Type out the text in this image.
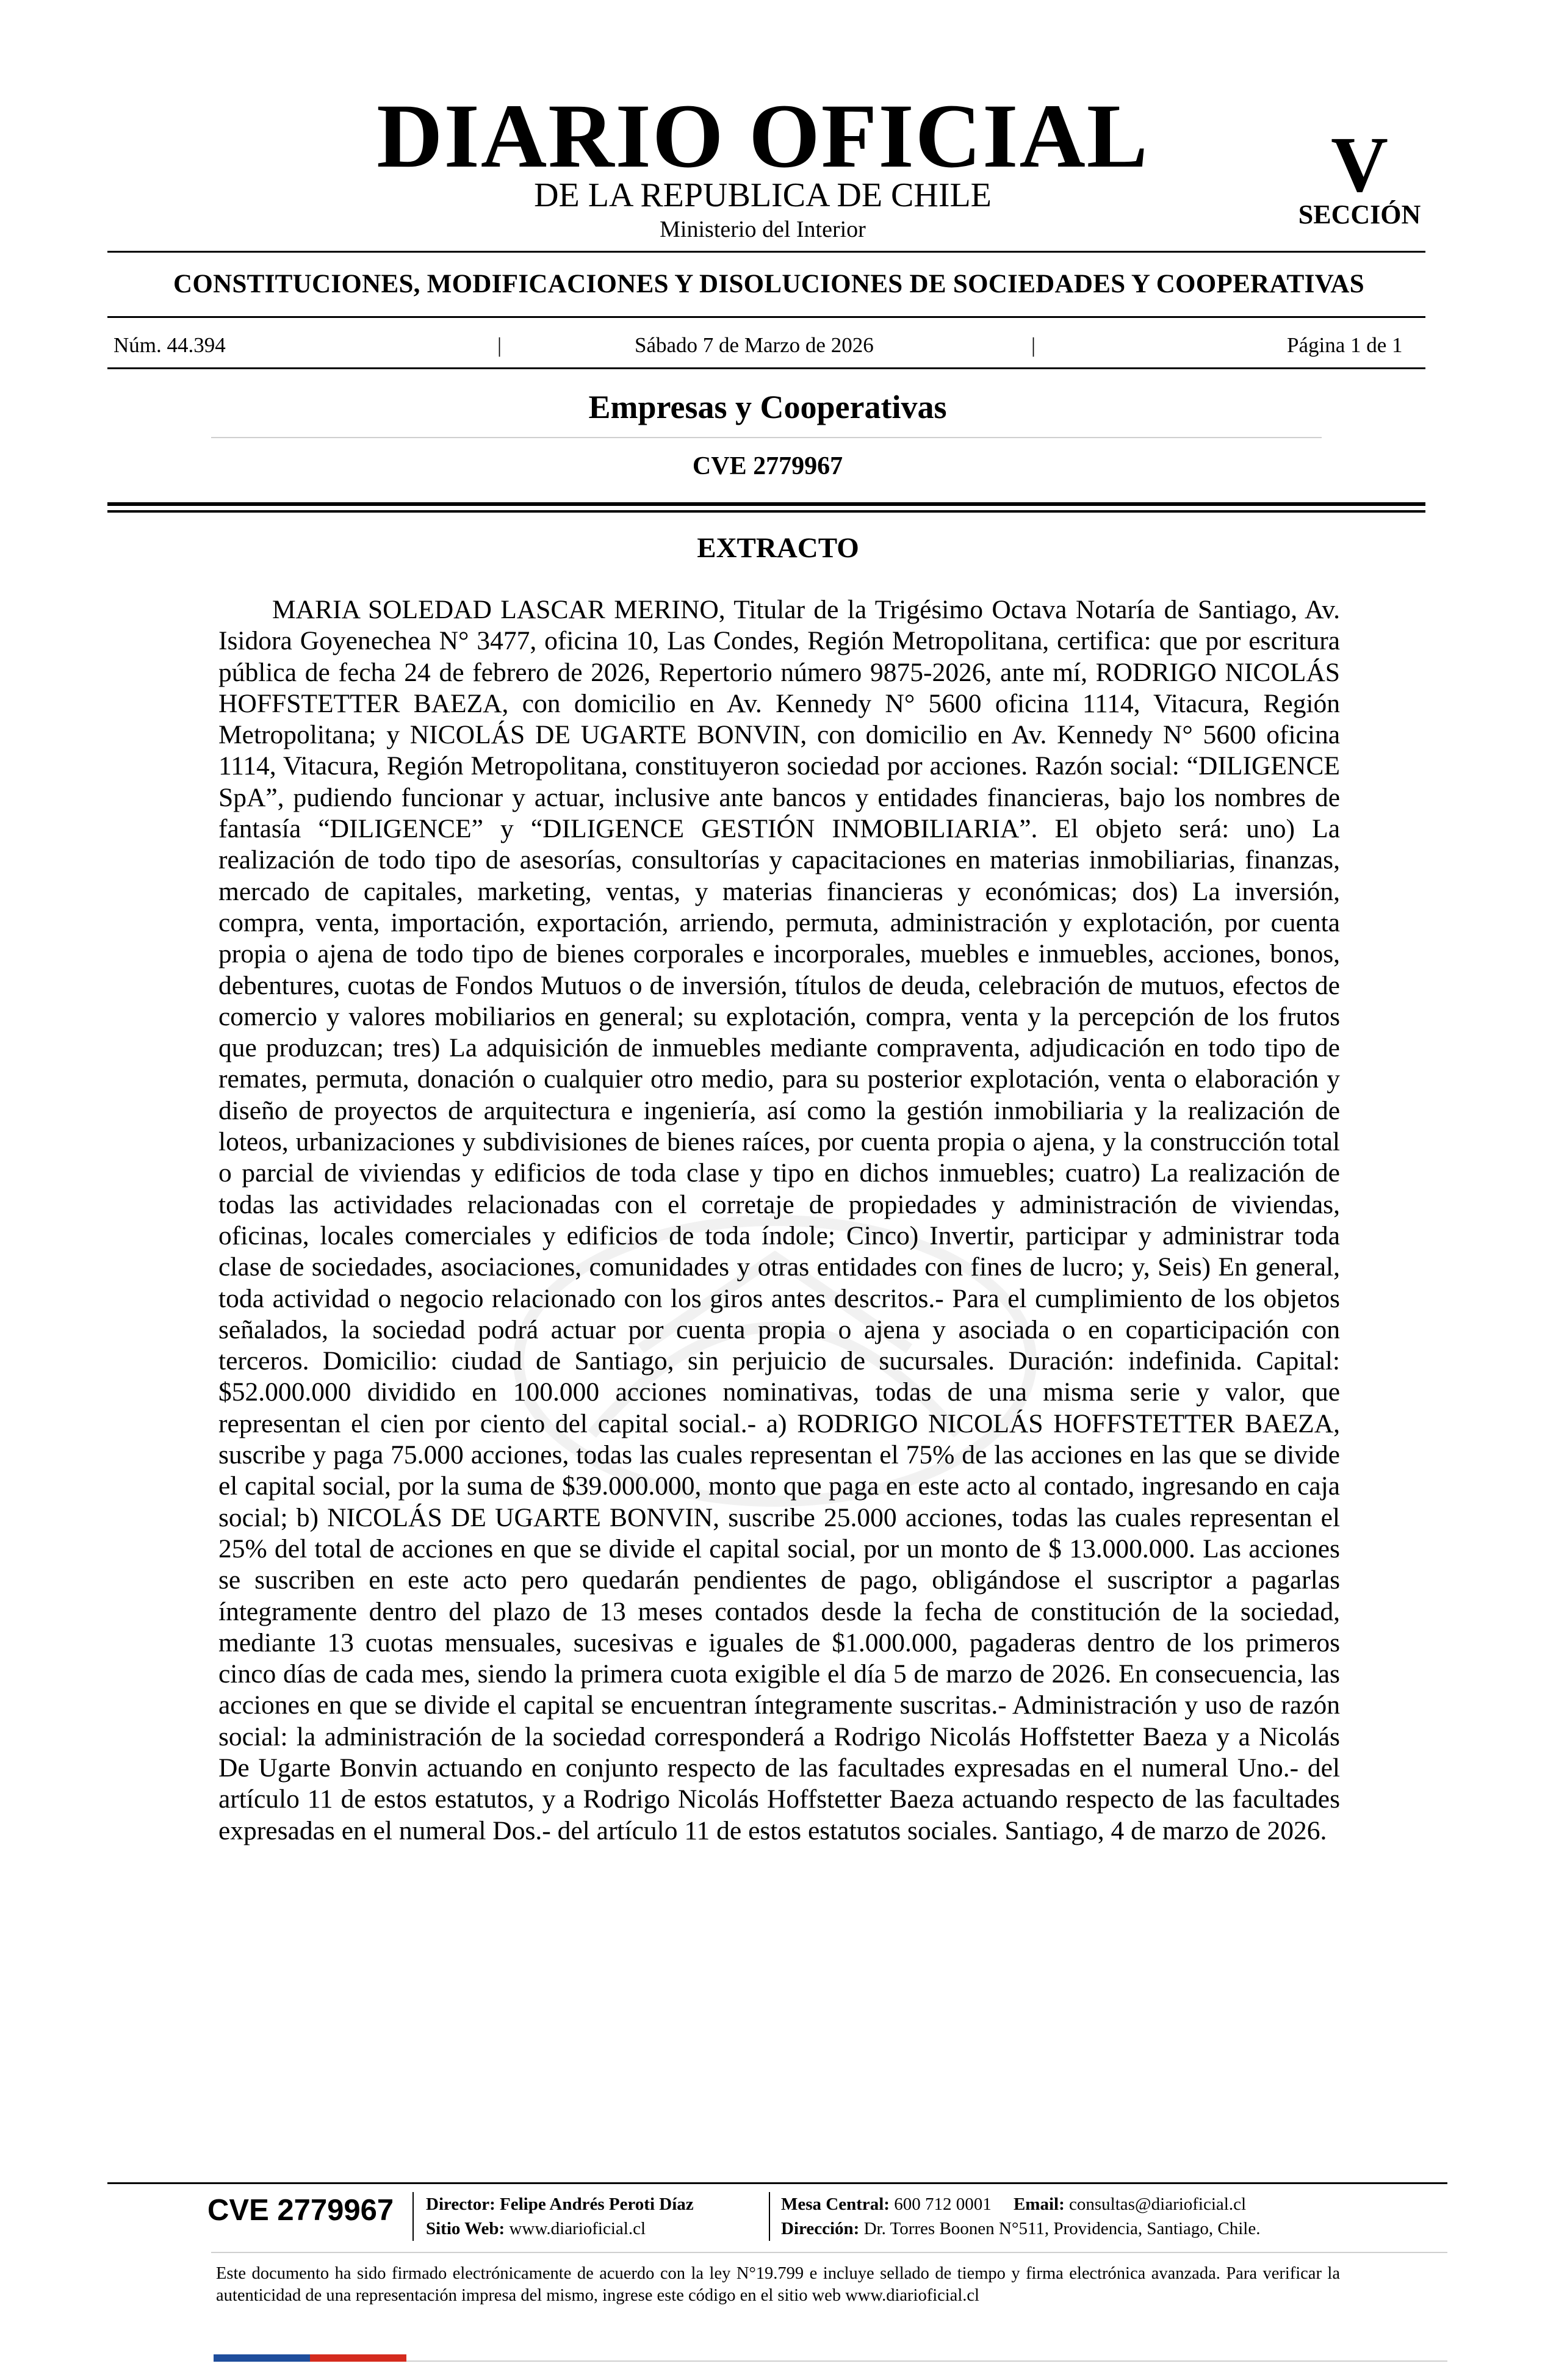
DIARIO OFICIAL
DE LA REPUBLICA DE CHILE
Ministerio del Interior
V
SECCIÓN
CONSTITUCIONES, MODIFICACIONES Y DISOLUCIONES DE SOCIEDADES Y COOPERATIVAS
Núm. 44.394	|	Sábado 7 de Marzo de 2026	|	Página 1 de 1
Empresas y Cooperativas
CVE 2779967
EXTRACTO

MARIA SOLEDAD LASCAR MERINO, Titular de la Trigésimo Octava Notaría de Santiago, Av. Isidora Goyenechea N° 3477, oficina 10, Las Condes, Región Metropolitana, certifica: que por escritura pública de fecha 24 de febrero de 2026, Repertorio número 9875-2026, ante mí, RODRIGO NICOLÁS HOFFSTETTER BAEZA, con domicilio en Av. Kennedy N° 5600 oficina 1114, Vitacura, Región Metropolitana; y NICOLÁS DE UGARTE BONVIN, con domicilio en Av. Kennedy N° 5600 oficina 1114, Vitacura, Región Metropolitana, constituyeron sociedad por acciones. Razón social: “DILIGENCE SpA”, pudiendo funcionar y actuar, inclusive ante bancos y entidades financieras, bajo los nombres de fantasía “DILIGENCE” y “DILIGENCE GESTIÓN INMOBILIARIA”. El objeto será: uno) La realización de todo tipo de asesorías, consultorías y capacitaciones en materias inmobiliarias, finanzas, mercado de capitales, marketing, ventas, y materias financieras y económicas; dos) La inversión, compra, venta, importación, exportación, arriendo, permuta, administración y explotación, por cuenta propia o ajena de todo tipo de bienes corporales e incorporales, muebles e inmuebles, acciones, bonos, debentures, cuotas de Fondos Mutuos o de inversión, títulos de deuda, celebración de mutuos, efectos de comercio y valores mobiliarios en general; su explotación, compra, venta y la percepción de los frutos que produzcan; tres) La adquisición de inmuebles mediante compraventa, adjudicación en todo tipo de remates, permuta, donación o cualquier otro medio, para su posterior explotación, venta o elaboración y diseño de proyectos de arquitectura e ingeniería, así como la gestión inmobiliaria y la realización de loteos, urbanizaciones y subdivisiones de bienes raíces, por cuenta propia o ajena, y la construcción total o parcial de viviendas y edificios de toda clase y tipo en dichos inmuebles; cuatro) La realización de todas las actividades relacionadas con el corretaje de propiedades y administración de viviendas, oficinas, locales comerciales y edificios de toda índole; Cinco) Invertir, participar y administrar toda clase de sociedades, asociaciones, comunidades y otras entidades con fines de lucro; y, Seis) En general, toda actividad o negocio relacionado con los giros antes descritos.- Para el cumplimiento de los objetos señalados, la sociedad podrá actuar por cuenta propia o ajena y asociada o en coparticipación con terceros. Domicilio: ciudad de Santiago, sin perjuicio de sucursales. Duración: indefinida. Capital: $52.000.000 dividido en 100.000 acciones nominativas, todas de una misma serie y valor, que representan el cien por ciento del capital social.- a) RODRIGO NICOLÁS HOFFSTETTER BAEZA, suscribe y paga 75.000 acciones, todas las cuales representan el 75% de las acciones en las que se divide el capital social, por la suma de $39.000.000, monto que paga en este acto al contado, ingresando en caja social; b) NICOLÁS DE UGARTE BONVIN, suscribe 25.000 acciones, todas las cuales representan el 25% del total de acciones en que se divide el capital social, por un monto de $ 13.000.000. Las acciones se suscriben en este acto pero quedarán pendientes de pago, obligándose el suscriptor a pagarlas íntegramente dentro del plazo de 13 meses contados desde la fecha de constitución de la sociedad, mediante 13 cuotas mensuales, sucesivas e iguales de $1.000.000, pagaderas dentro de los primeros cinco días de cada mes, siendo la primera cuota exigible el día 5 de marzo de 2026. En consecuencia, las acciones en que se divide el capital se encuentran íntegramente suscritas.- Administración y uso de razón social: la administración de la sociedad corresponderá a Rodrigo Nicolás Hoffstetter Baeza y a Nicolás De Ugarte Bonvin actuando en conjunto respecto de las facultades expresadas en el numeral Uno.- del artículo 11 de estos estatutos, y a Rodrigo Nicolás Hoffstetter Baeza actuando respecto de las facultades expresadas en el numeral Dos.- del artículo 11 de estos estatutos sociales. Santiago, 4 de marzo de 2026.

CVE 2779967 Director: Felipe Andrés Peroti Díaz
Sitio Web: www.diarioficial.cl
Mesa Central: 600 712 0001 Email: consultas@diarioficial.cl
Dirección: Dr. Torres Boonen N°511, Providencia, Santiago, Chile.

Este documento ha sido firmado electrónicamente de acuerdo con la ley N°19.799 e incluye sellado de tiempo y firma electrónica avanzada. Para verificar la autenticidad de una representación impresa del mismo, ingrese este código en el sitio web www.diarioficial.cl
